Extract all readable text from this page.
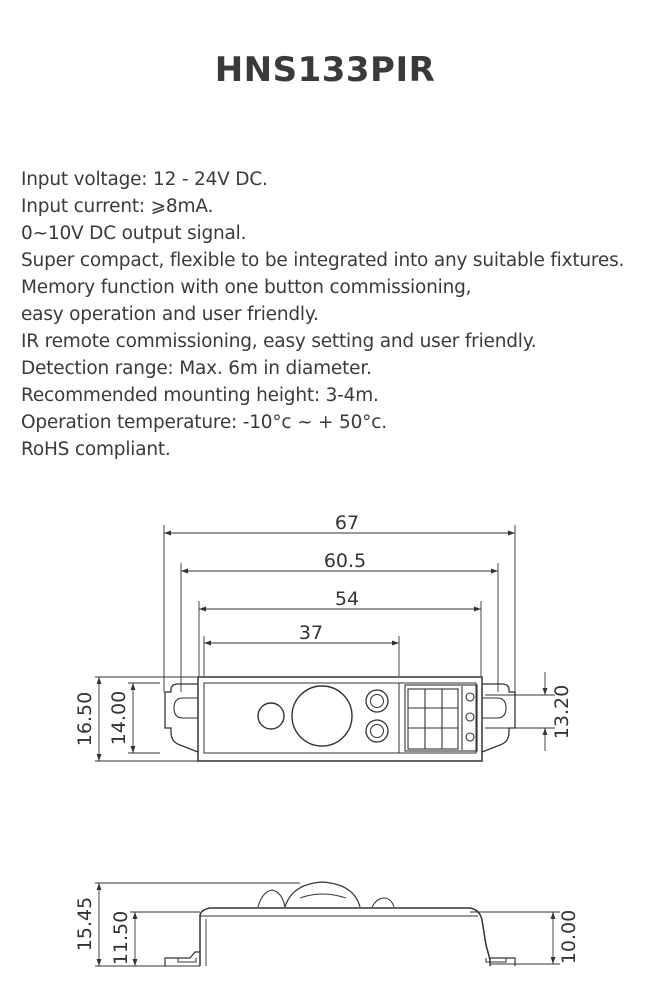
HNS133PIR
Input voltage: 12 - 24V DC.
Input current: ⩾8mA.
0~10V DC output signal.
Super compact, flexible to be integrated into any suitable fixtures.
Memory function with one button commissioning,
easy operation and user friendly.
IR remote commissioning, easy setting and user friendly.
Detection range: Max. 6m in diameter.
Recommended mounting height: 3-4m.
Operation temperature: -10°c ~ + 50°c.
RoHS compliant.
67
60.5
54
37
16.50 14.00	13.20
15.45 11.50	10.00
